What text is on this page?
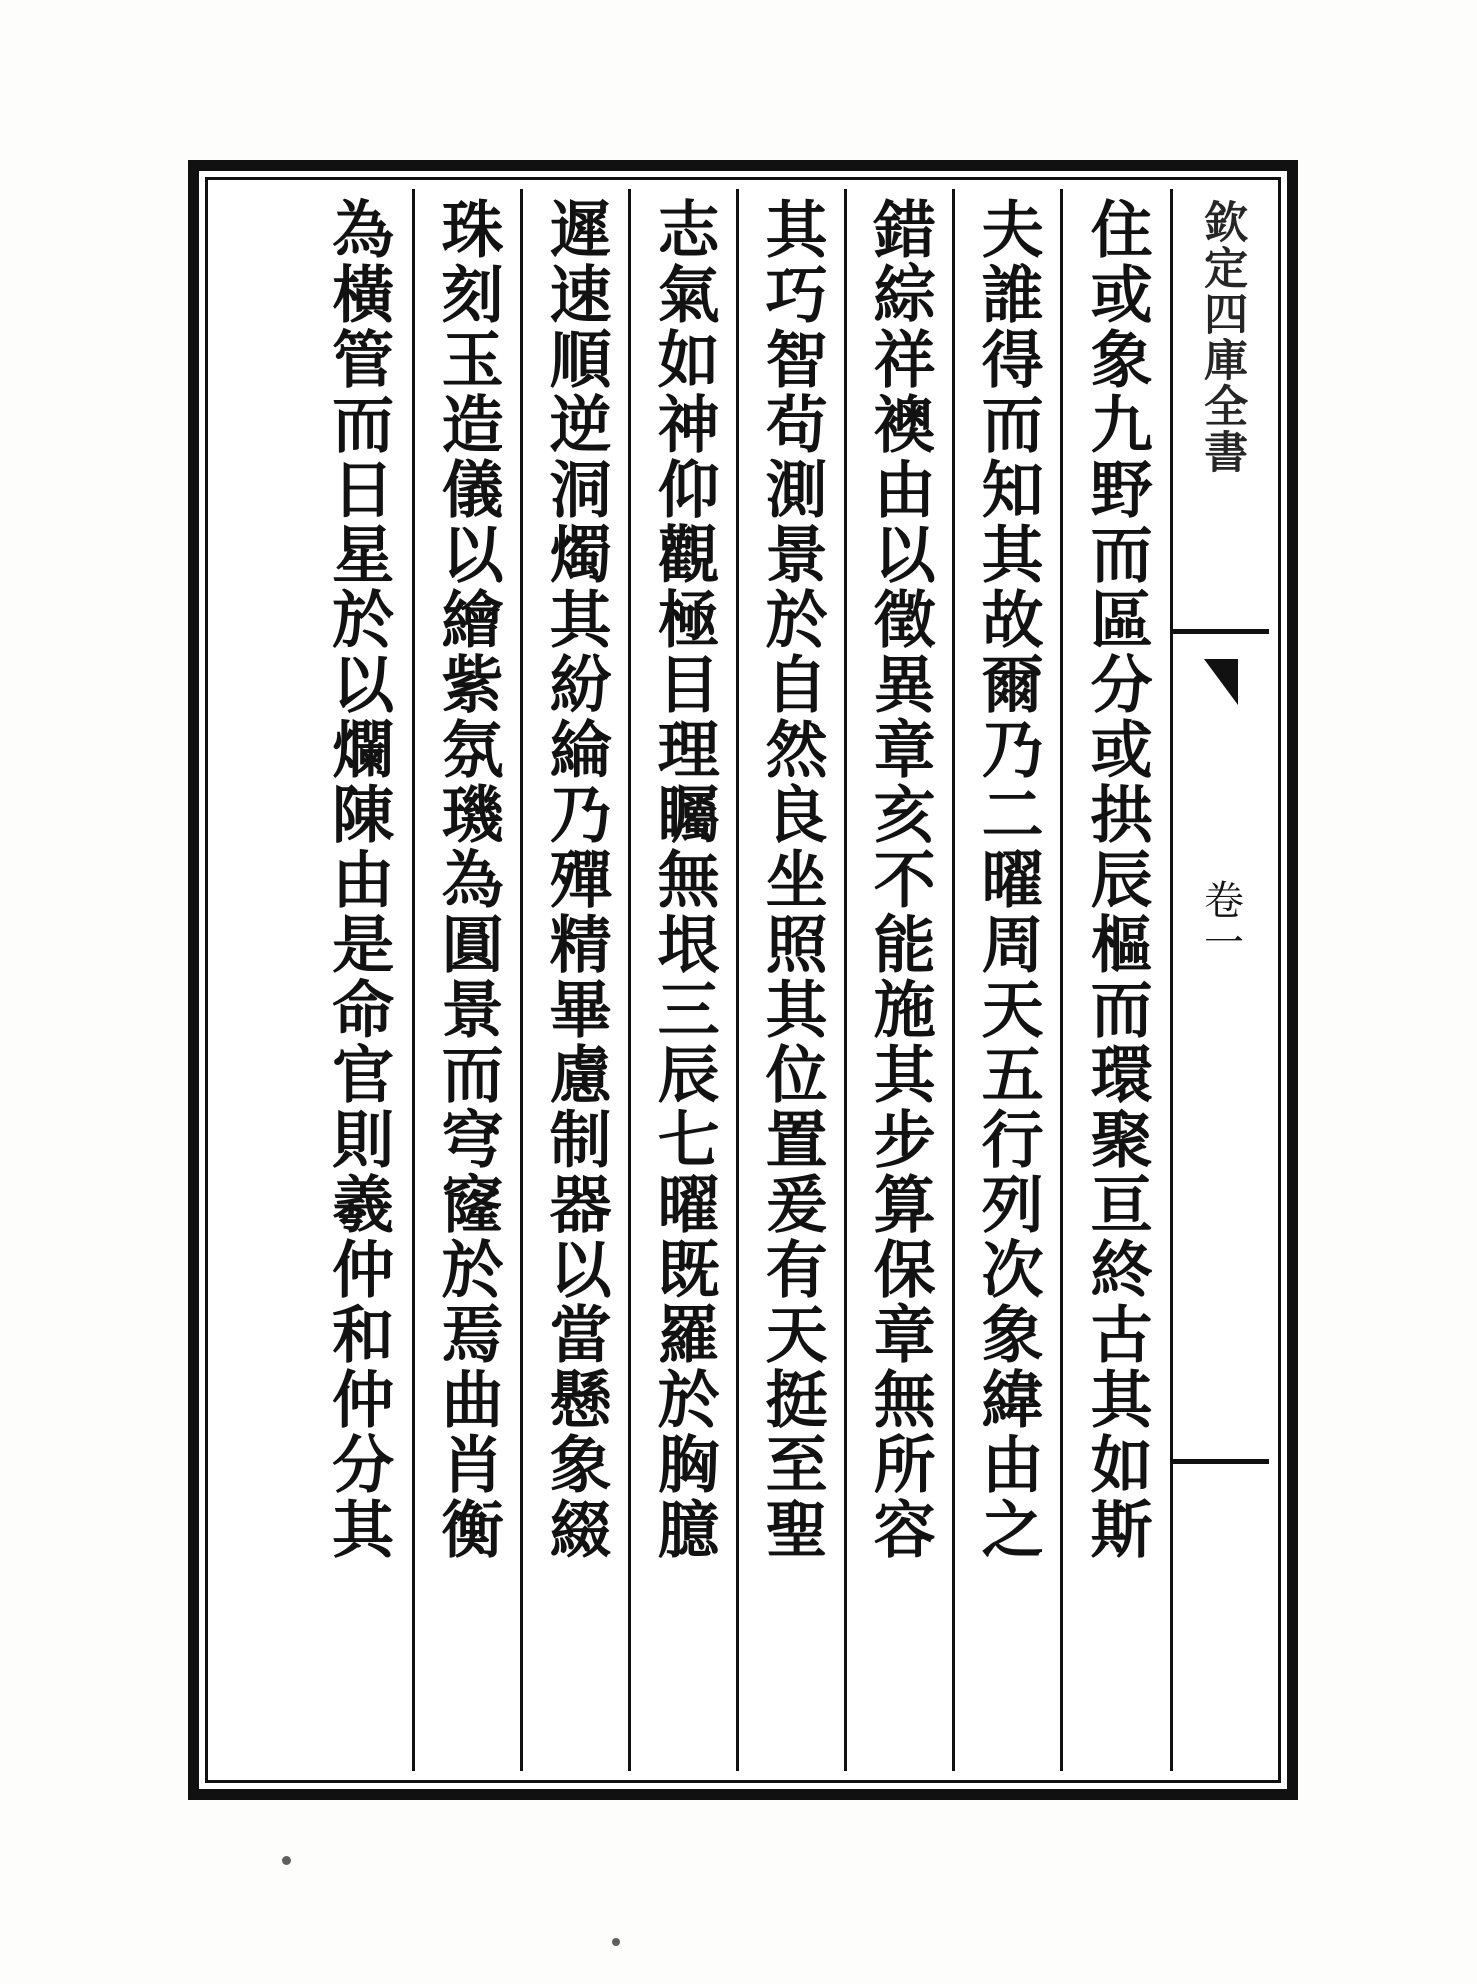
欽定四庫全書
卷一
住或象九野而區分或拱辰樞而環聚亘終古其如斯
夫誰得而知其故爾乃二曜周天五行列次象緯由之
錯綜祥襖由以徵異章亥不能施其步算保章無所容
其巧智茍測景於自然良坐照其位置爰有天挺至聖
志氣如神仰觀極目理矚無垠三辰七曜既羅於胸臆
遲速順逆洞燭其紛綸乃殫精畢慮制器以當懸象綴
珠刻玉造儀以繪紫氛璣為圓景而穹窿於焉曲肖衡
為橫管而日星於以爛陳由是命官則羲仲和仲分其
